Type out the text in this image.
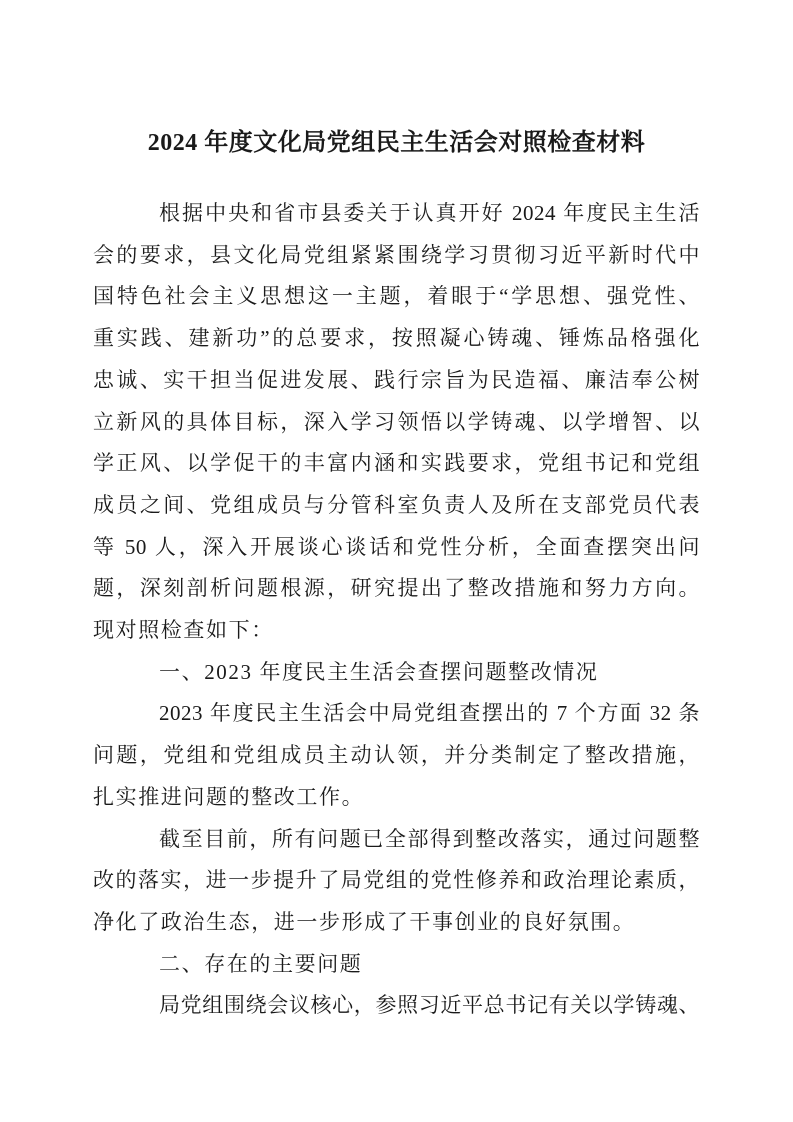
2024 年度文化局党组民主生活会对照检查材料
根据中央和省市县委关于认真开好 2024 年度民主生活
会的要求，县文化局党组紧紧围绕学习贯彻习近平新时代中
国特色社会主义思想这一主题，着眼于“学思想、强党性、
重实践、建新功”的总要求，按照凝心铸魂、锤炼品格强化
忠诚、实干担当促进发展、践行宗旨为民造福、廉洁奉公树
立新风的具体目标，深入学习领悟以学铸魂、以学增智、以
学正风、以学促干的丰富内涵和实践要求，党组书记和党组
成员之间、党组成员与分管科室负责人及所在支部党员代表
等 50 人，深入开展谈心谈话和党性分析，全面查摆突出问
题，深刻剖析问题根源，研究提出了整改措施和努力方向。
现对照检查如下：
一、2023 年度民主生活会查摆问题整改情况
2023 年度民主生活会中局党组查摆出的 7 个方面 32 条
问题，党组和党组成员主动认领，并分类制定了整改措施，
扎实推进问题的整改工作。
截至目前，所有问题已全部得到整改落实，通过问题整
改的落实，进一步提升了局党组的党性修养和政治理论素质，
净化了政治生态，进一步形成了干事创业的良好氛围。
二、存在的主要问题
局党组围绕会议核心，参照习近平总书记有关以学铸魂、
